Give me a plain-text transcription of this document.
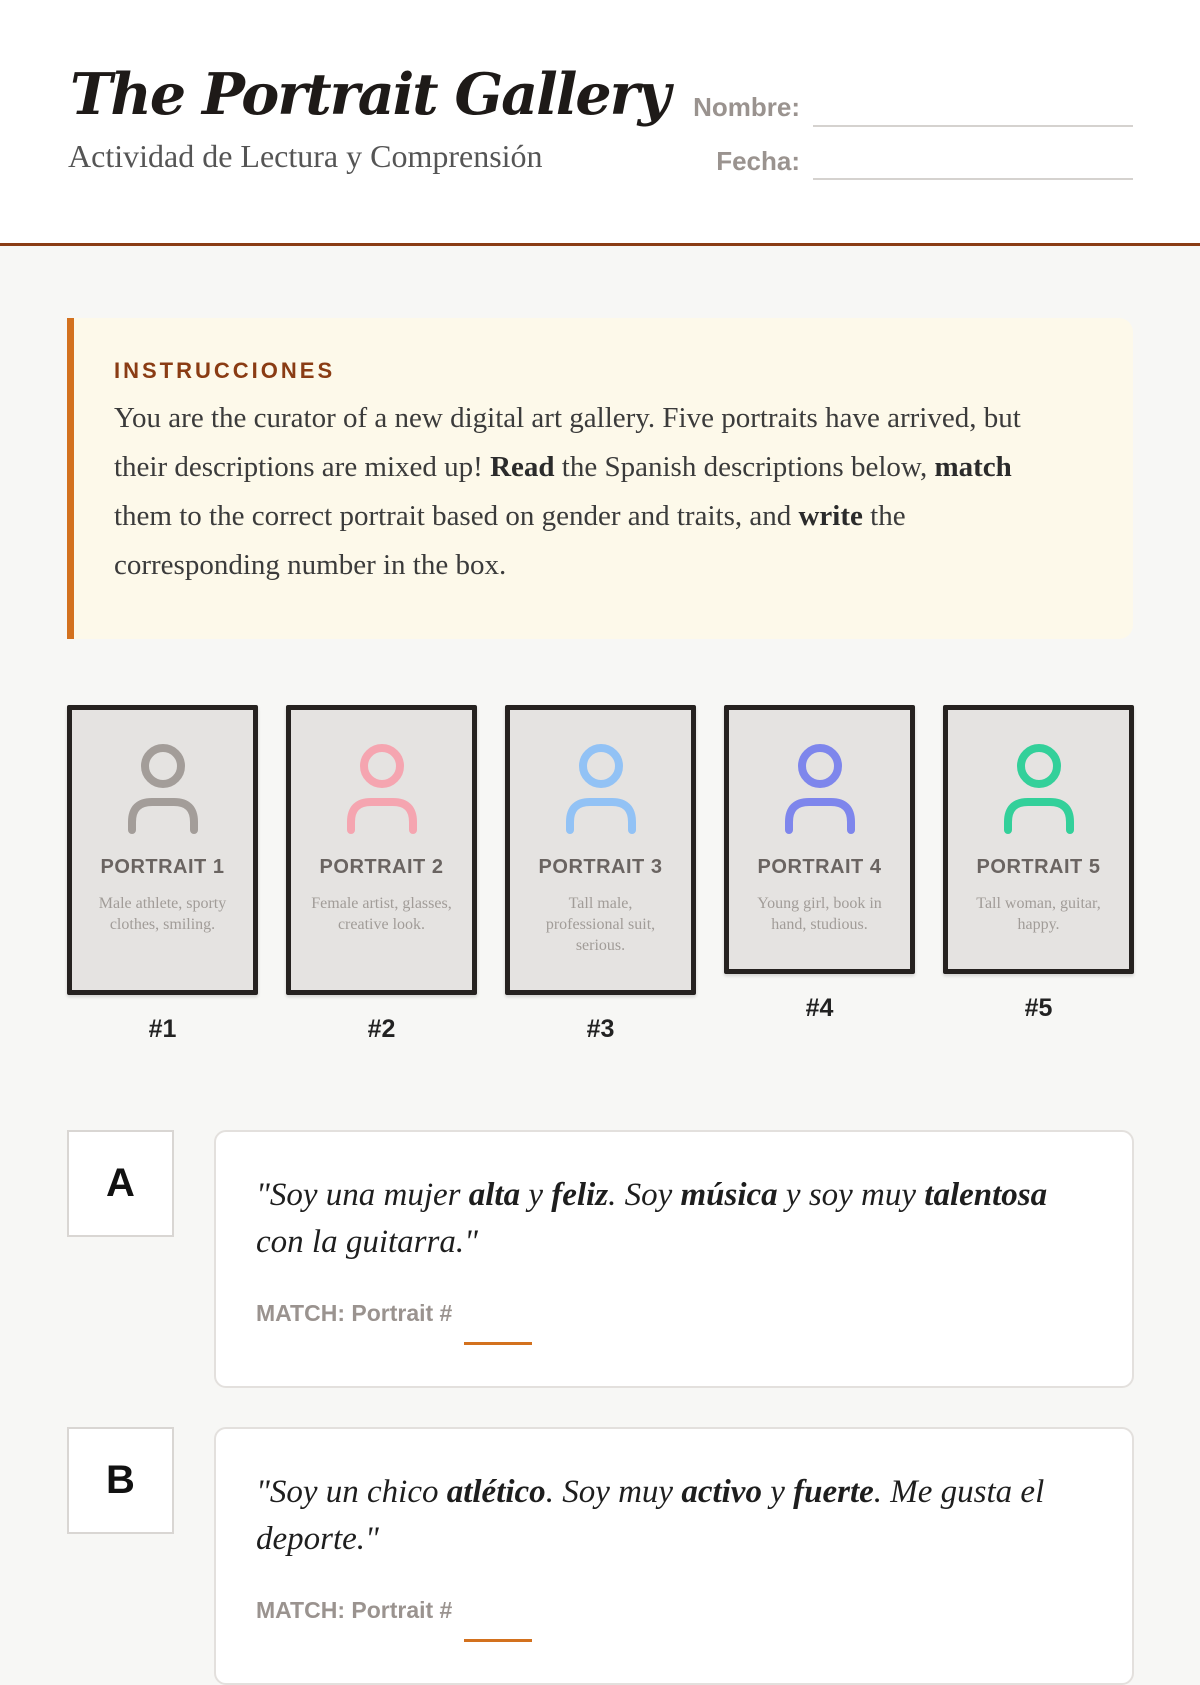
The Portrait Gallery
Actividad de Lectura y Comprensión
Nombre:
Fecha:
INSTRUCCIONES

You are the curator of a new digital art gallery. Five portraits have arrived, but their descriptions are mixed up! Read the Spanish descriptions below, match them to the correct portrait based on gender and traits, and write the corresponding number in the box.

PORTRAIT 1
Male athlete, sporty clothes, smiling.
#1
PORTRAIT 2
Female artist, glasses, creative look.
#2
PORTRAIT 3
Tall male, professional suit, serious.
#3
PORTRAIT 4
Young girl, book in hand, studious.
#4
PORTRAIT 5
Tall woman, guitar, happy.
#5
A	"Soy una mujer alta y feliz. Soy música y soy muy talentosa con la guitarra."

MATCH: Portrait #
B	"Soy un chico atlético. Soy muy activo y fuerte. Me gusta el deporte."

MATCH: Portrait #
